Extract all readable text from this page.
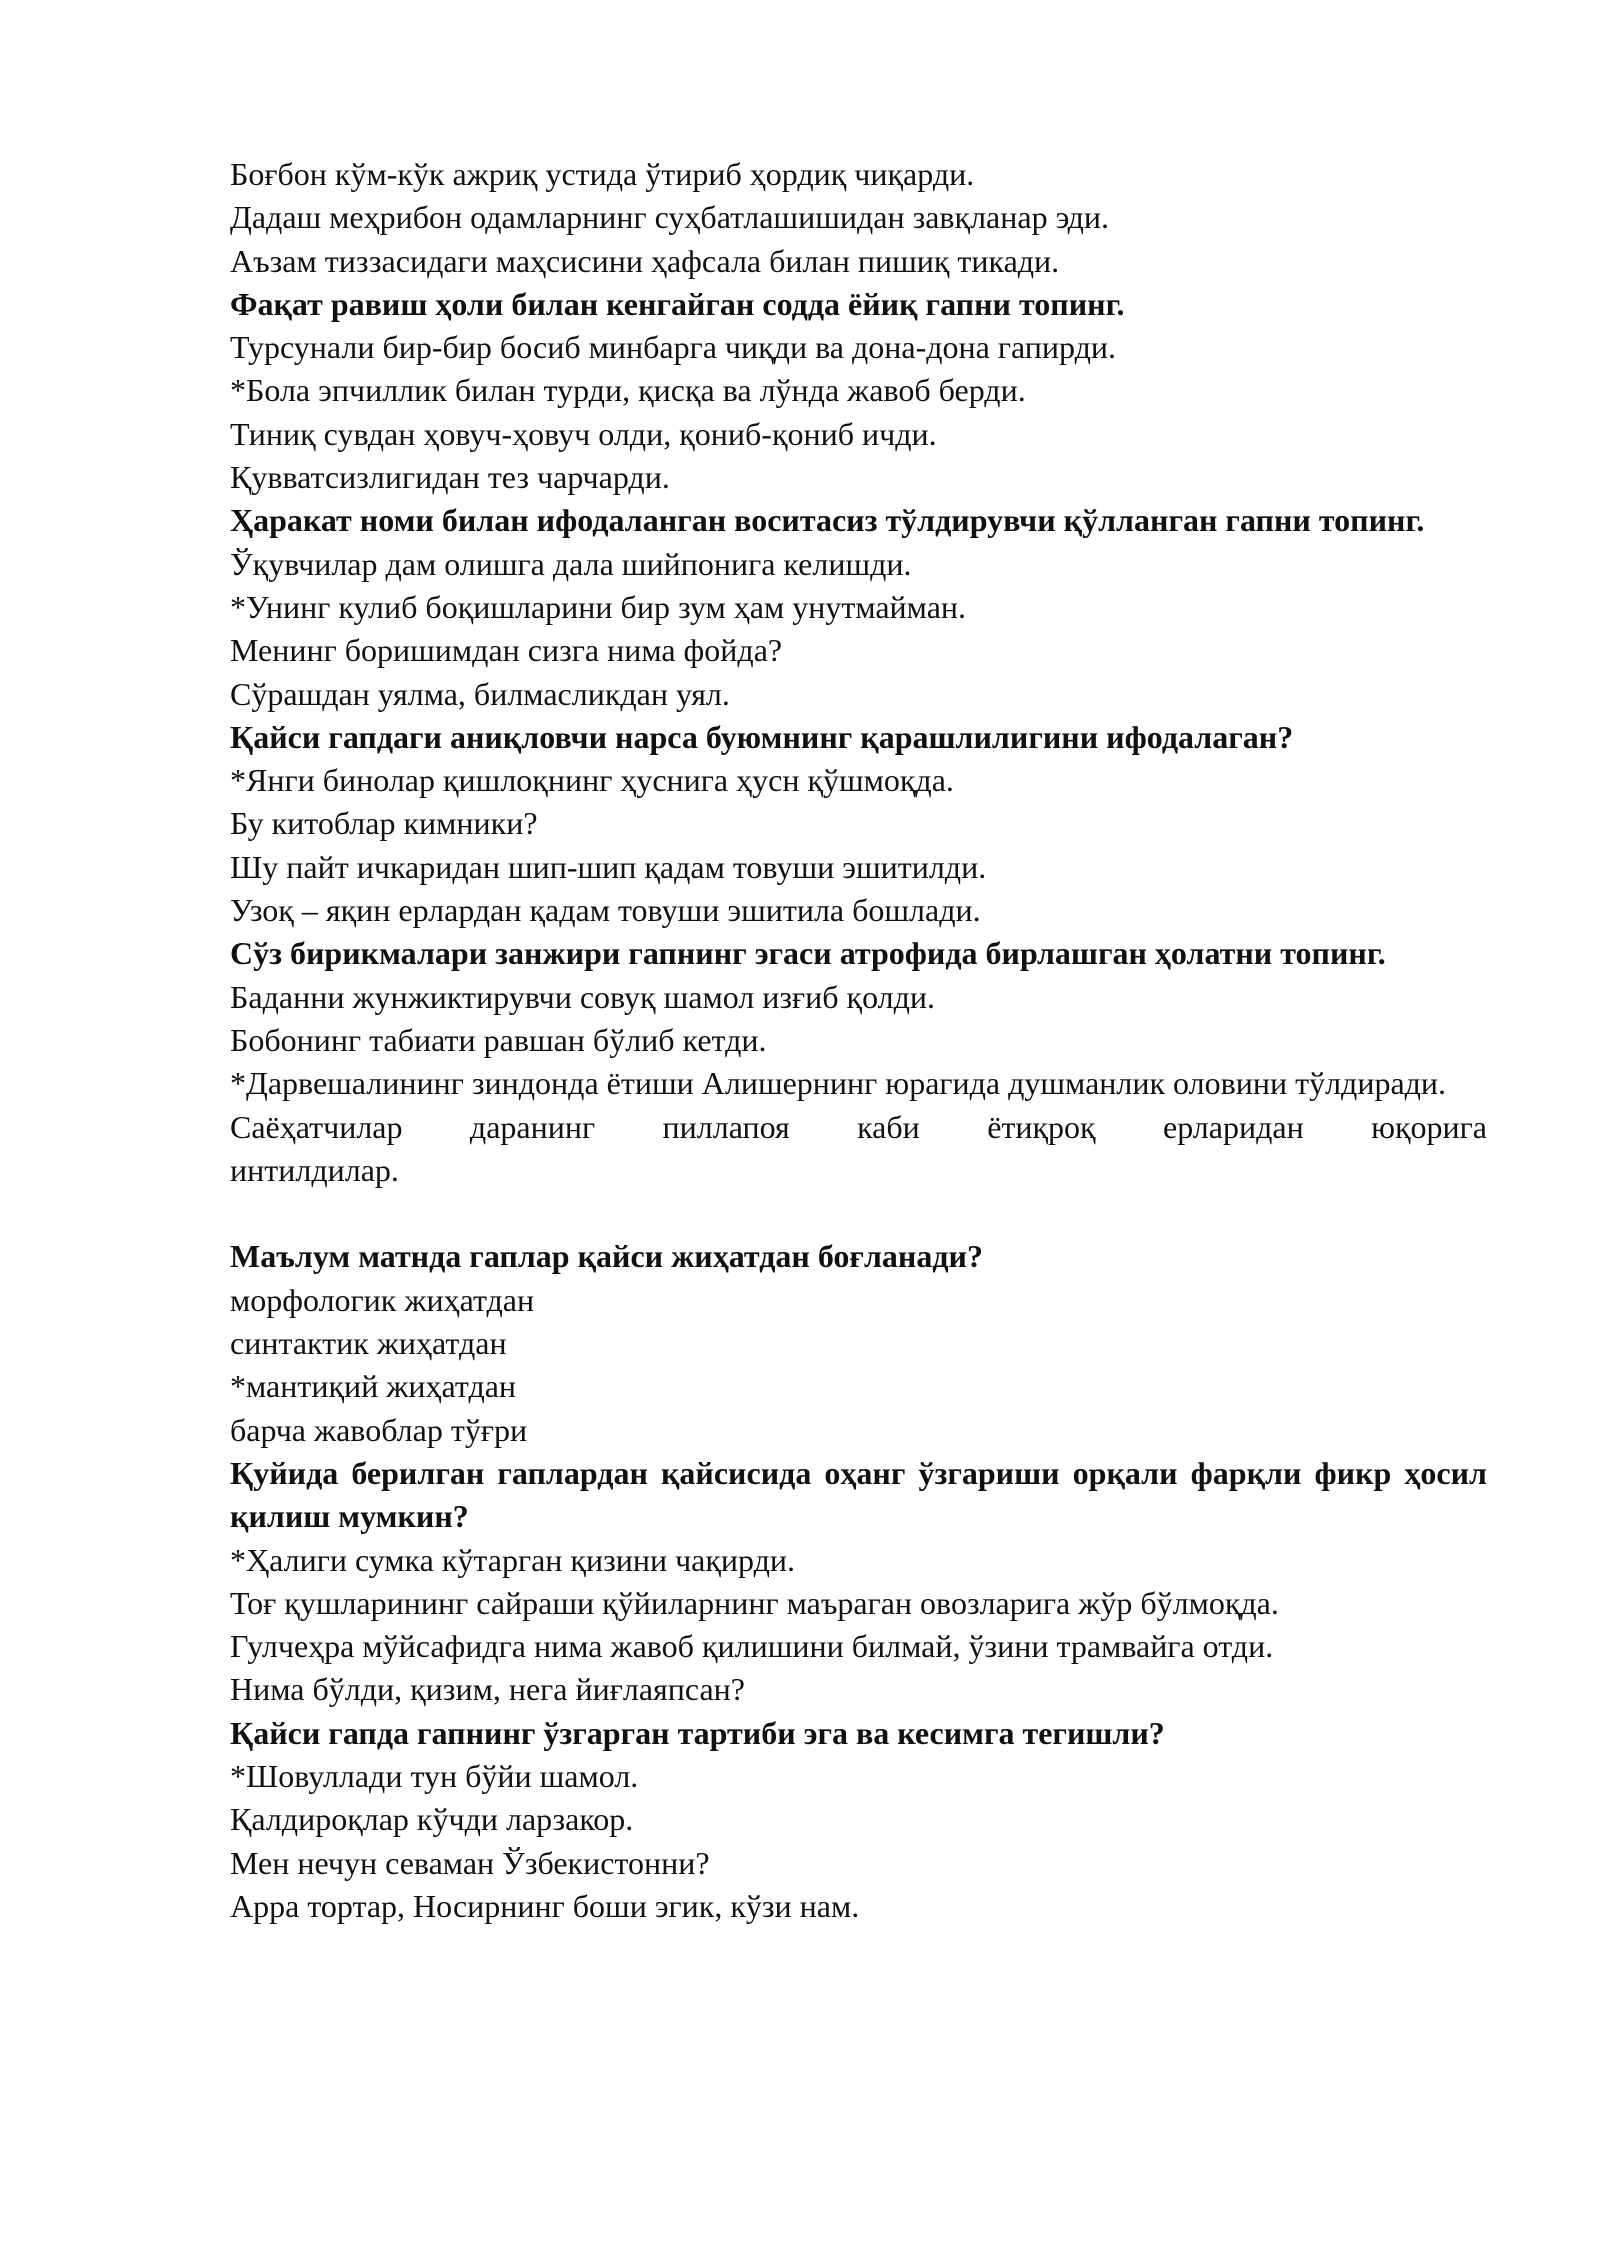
Боғбон кўм-кўк ажриқ устида ўтириб ҳордиқ чиқарди.

Дадаш меҳрибон одамларнинг суҳбатлашишидан завқланар эди.

Аъзам тиззасидаги маҳсисини ҳафсала билан пишиқ тикади.

Фақат равиш ҳоли билан кенгайган содда ёйиқ гапни топинг.

Турсунали бир-бир босиб минбарга чиқди ва дона-дона гапирди.

*Бола эпчиллик билан турди, қисқа ва лўнда жавоб берди.

Тиниқ сувдан ҳовуч-ҳовуч олди, қониб-қониб ичди.

Қувватсизлигидан тез чарчарди.

Ҳаракат номи билан ифодаланган воситасиз тўлдирувчи қўлланган гапни топинг.

Ўқувчилар дам олишга дала шийпонига келишди.

*Унинг кулиб боқишларини бир зум ҳам унутмайман.

Менинг боришимдан сизга нима фойда?

Сўрашдан уялма, билмасликдан уял.

Қайси гапдаги аниқловчи нарса буюмнинг қарашлилигини ифодалаган?

*Янги бинолар қишлоқнинг ҳуснига ҳусн қўшмоқда.

Бу китоблар кимники?

Шу пайт ичкаридан шип-шип қадам товуши эшитилди.

Узоқ – яқин ерлардан қадам товуши эшитила бошлади.

Сўз бирикмалари занжири гапнинг эгаси атрофида бирлашган ҳолатни топинг.

Баданни жунжиктирувчи совуқ шамол изғиб қолди.

Бобонинг табиати равшан бўлиб кетди.

*Дарвешалининг зиндонда ётиши Алишернинг юрагида душманлик оловини тўлдиради.

Саёҳатчилар даранинг пиллапоя каби ётиқроқ ерларидан юқорига

интилдилар.

Маълум матнда гаплар қайси жиҳатдан боғланади?

морфологик жиҳатдан

синтактик жиҳатдан

*мантиқий жиҳатдан

барча жавоблар тўғри

Қуйида берилган гаплардан қайсисида оҳанг ўзгариши орқали фарқли фикр ҳосил қилиш мумкин?

*Ҳалиги сумка кўтарган қизини чақирди.

Тоғ қушларининг сайраши қўйиларнинг маъраган овозларига жўр бўлмоқда.

Гулчеҳра мўйсафидга нима жавоб қилишини билмай, ўзини трамвайга отди.

Нима бўлди, қизим, нега йиғлаяпсан?

Қайси гапда гапнинг ўзгарган тартиби эга ва кесимга тегишли?

*Шовуллади тун бўйи шамол.

Қалдироқлар кўчди ларзакор.

Мен нечун севаман Ўзбекистонни?

Арра тортар, Носирнинг боши эгик, кўзи нам.
